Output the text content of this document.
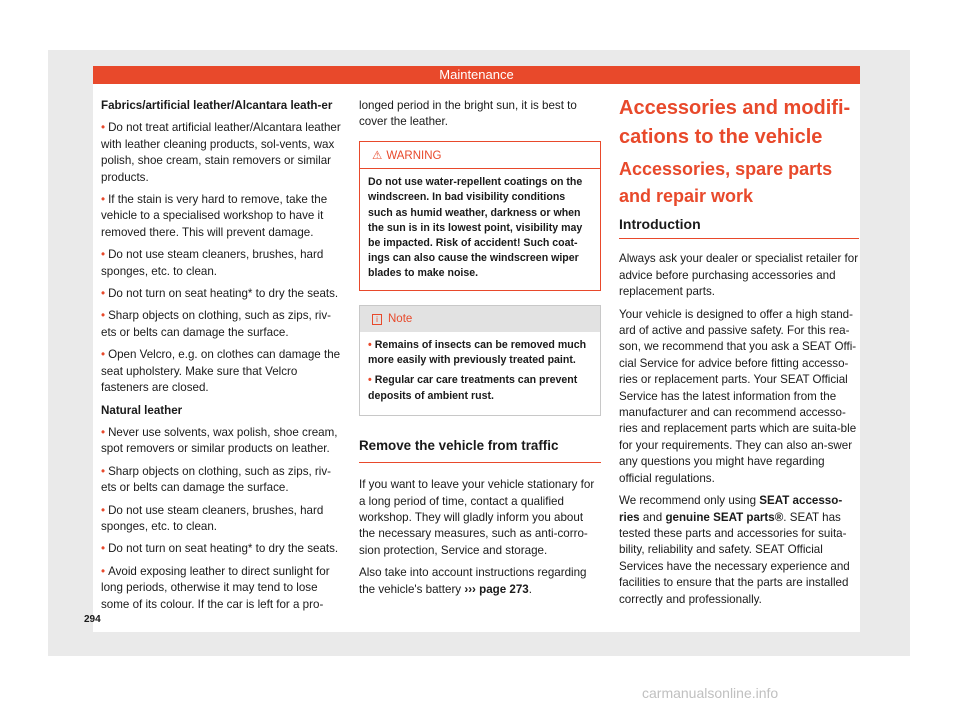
Maintenance

Fabrics/artificial leather/Alcantara leath-er

• Do not treat artificial leather/Alcantara leather with leather cleaning products, sol-vents, wax polish, shoe cream, stain removers or similar products.

• If the stain is very hard to remove, take the vehicle to a specialised workshop to have it removed there. This will prevent damage.

• Do not use steam cleaners, brushes, hard sponges, etc. to clean.

• Do not turn on seat heating* to dry the seats.

• Sharp objects on clothing, such as zips, riv-ets or belts can damage the surface.

• Open Velcro, e.g. on clothes can damage the seat upholstery. Make sure that Velcro fasteners are closed.

Natural leather

• Never use solvents, wax polish, shoe cream, spot removers or similar products on leather.

• Sharp objects on clothing, such as zips, riv-ets or belts can damage the surface.

• Do not use steam cleaners, brushes, hard sponges, etc. to clean.

• Do not turn on seat heating* to dry the seats.

• Avoid exposing leather to direct sunlight for long periods, otherwise it may tend to lose some of its colour. If the car is left for a pro-

longed period in the bright sun, it is best to cover the leather.

⚠ WARNING
Do not use water-repellent coatings on the windscreen. In bad visibility conditions such as humid weather, darkness or when the sun is in its lowest point, visibility may be impacted. Risk of accident! Such coat-ings can also cause the windscreen wiper blades to make noise.
i Note

• Remains of insects can be removed much more easily with previously treated paint.

• Regular car care treatments can prevent deposits of ambient rust.

Remove the vehicle from traffic

If you want to leave your vehicle stationary for a long period of time, contact a qualified workshop. They will gladly inform you about the necessary measures, such as anti-corro-sion protection, Service and storage.

Also take into account instructions regarding the vehicle's battery ››› page 273.

Accessories and modifi-cations to the vehicle
Accessories, spare parts and repair work
Introduction

Always ask your dealer or specialist retailer for advice before purchasing accessories and replacement parts.

Your vehicle is designed to offer a high stand-ard of active and passive safety. For this rea-son, we recommend that you ask a SEAT Offi-cial Service for advice before fitting accesso-ries or replacement parts. Your SEAT Official Service has the latest information from the manufacturer and can recommend accesso-ries and replacement parts which are suita-ble for your requirements. They can also an-swer any questions you might have regarding official regulations.

We recommend only using SEAT accesso-ries and genuine SEAT parts®. SEAT has tested these parts and accessories for suita-bility, reliability and safety. SEAT Official Services have the necessary experience and facilities to ensure that the parts are installed correctly and professionally.

294
carmanualsonline.info
